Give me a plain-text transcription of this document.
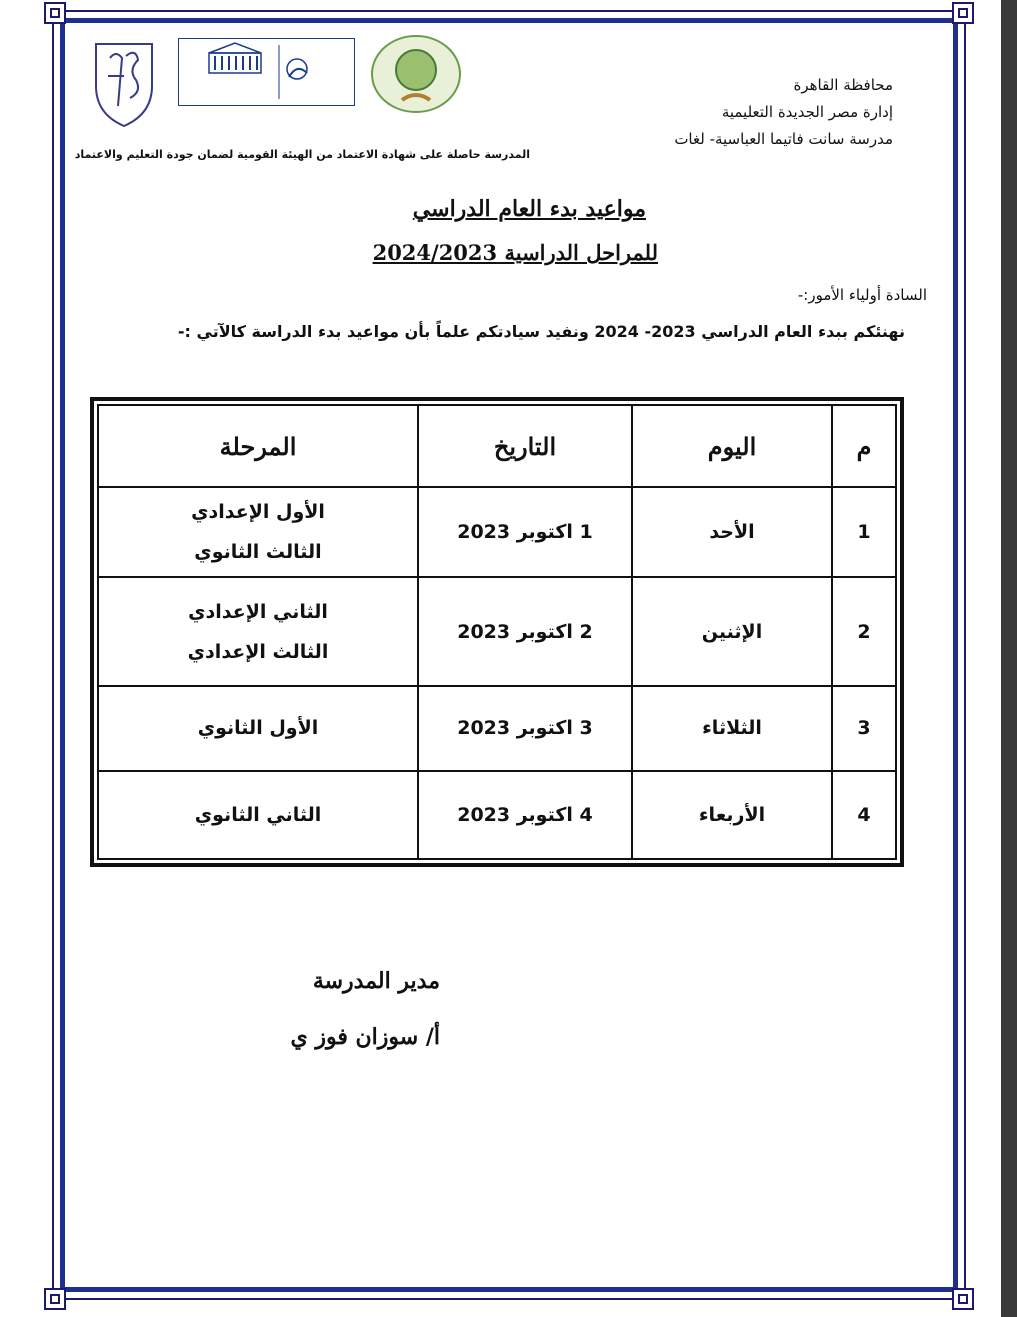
محافظة القاهرة
إدارة مصر الجديدة التعليمية
مدرسة سانت فاتيما العباسية- لغات
المدرسة حاصلة على شهادة الاعتماد من الهيئة القومية لضمان جودة التعليم والاعتماد
مواعيد بدء العام الدراسي
للمراحل الدراسية 2024/2023
السادة أولياء الأمور:-
نهنئكم ببدء العام الدراسي 2023- 2024 ونفيد سيادتكم علماً بأن مواعيد بدء الدراسة كالآتي :-
م	اليوم	التاريخ	المرحلة
1	الأحد	1 اكتوبر 2023	الأول الإعدادي
الثالث الثانوي

2	الإثنين	2 اكتوبر 2023	الثاني الإعدادي
الثالث الإعدادي

3	الثلاثاء	3 اكتوبر 2023	الأول الثانوي

4	الأربعاء	4 اكتوبر 2023	الثاني الثانوي
مدير المدرسة
أ/ سوزان فوز ي
